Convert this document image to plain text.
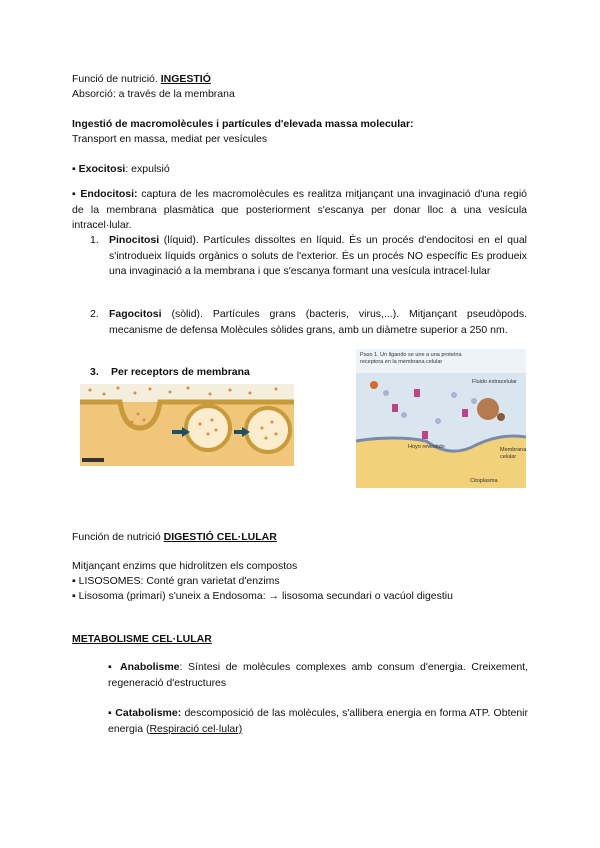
Funció de nutrició. INGESTIÓ

Absorció: a través de la membrana

Ingestió de macromolècules i partícules d'elevada massa molecular:

Transport en massa, mediat per vesícules

▪ Exocitosi: expulsió

▪ Endocitosi: captura de les macromolècules es realitza mitjançant una invaginació d'una regió de la membrana plasmàtica que posteriorment s'escanya per donar lloc a una vesícula intracel·lular.

1. Pinocitosi (líquid). Partícules dissoltes en líquid. És un procés d'endocitosi en el qual s'introdueix líquids orgànics o soluts de l'exterior. És un procés NO específic Es produeix una invaginació a la membrana i que s'escanya formant una vesícula intracel·lular

2. Fagocitosi (sòlid). Partícules grans (bacteris, virus,...). Mitjançant pseudòpods. mecanisme de defensa Molècules sòlides grans, amb un diàmetre superior a 250 nm.

3. Per receptors de membrana

Paso 1. Un ligando se une a una proteína
receptora en la membrana celular
Fluido extracelular
Hoyo revestido	Membrana
celular
Citoplasma

Función de nutrició DIGESTIÓ CEL·LULAR

Mitjançant enzims que hidrolitzen els compostos

▪ LISOSOMES: Conté gran varietat d'enzims

▪ Lisosoma (primari) s'uneix a Endosoma: → lisosoma secundari o vacúol digestiu

METABOLISME CEL·LULAR

▪ Anabolisme: Síntesi de molècules complexes amb consum d'energia. Creixement, regeneració d'estructures

▪ Catabolisme: descomposició de las molècules, s'allibera energia en forma ATP. Obtenir energia (Respiració cel·lular)
